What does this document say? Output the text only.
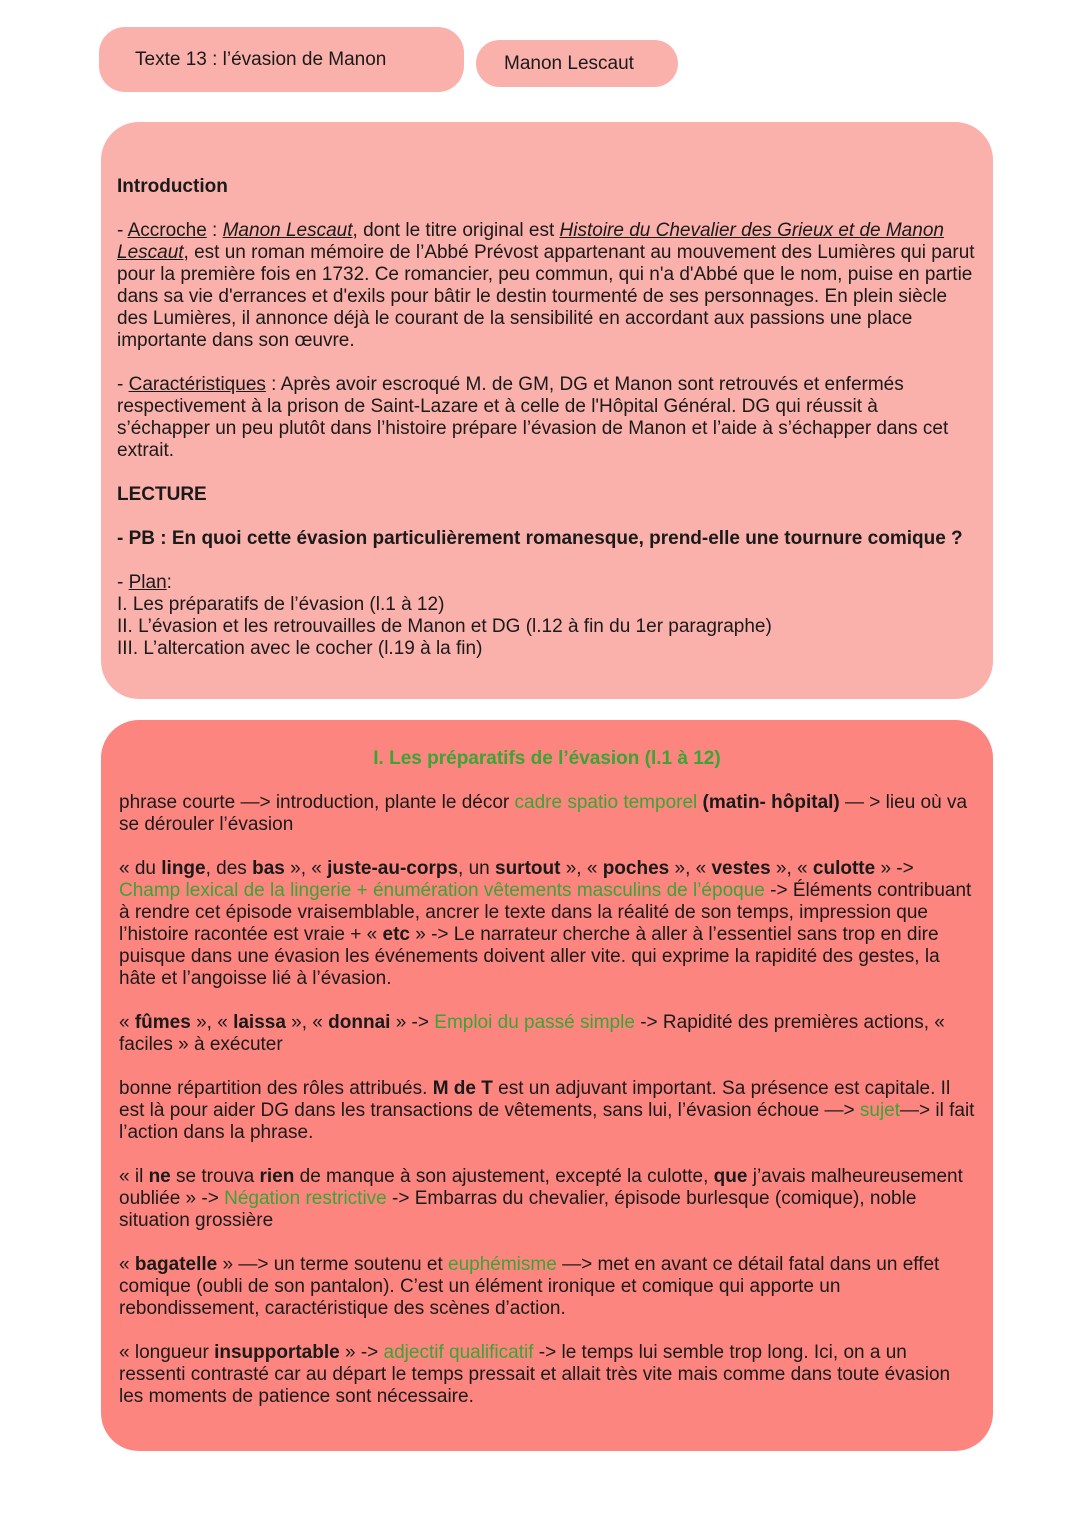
Texte 13 : l’évasion de Manon	Manon Lescaut

Introduction

- Accroche : Manon Lescaut, dont le titre original est Histoire du Chevalier des Grieux et de Manon Lescaut, est un roman mémoire de l’Abbé Prévost appartenant au mouvement des Lumières qui parut pour la première fois en 1732. Ce romancier, peu commun, qui n'a d'Abbé que le nom, puise en partie dans sa vie d'errances et d'exils pour bâtir le destin tourmenté de ses personnages. En plein siècle des Lumières, il annonce déjà le courant de la sensibilité en accordant aux passions une place importante dans son œuvre.

- Caractéristiques : Après avoir escroqué M. de GM, DG et Manon sont retrouvés et enfermés respectivement à la prison de Saint-Lazare et à celle de l'Hôpital Général. DG qui réussit à s’échapper un peu plutôt dans l’histoire prépare l’évasion de Manon et l’aide à s’échapper dans cet extrait.

LECTURE

- PB : En quoi cette évasion particulièrement romanesque, prend-elle une tournure comique ?

- Plan:

I. Les préparatifs de l’évasion (l.1 à 12)

II. L’évasion et les retrouvailles de Manon et DG (l.12 à fin du 1er paragraphe)

III. L’altercation avec le cocher (l.19 à la fin)

I. Les préparatifs de l’évasion (l.1 à 12)

phrase courte —> introduction, plante le décor cadre spatio temporel (matin- hôpital) — > lieu où va se dérouler l’évasion

« du linge, des bas », « juste-au-corps, un surtout », « poches », « vestes », « culotte » -> Champ lexical de la lingerie + énumération vêtements masculins de l’époque -> Éléments contribuant à rendre cet épisode vraisemblable, ancrer le texte dans la réalité de son temps, impression que l’histoire racontée est vraie + « etc » -> Le narrateur cherche à aller à l’essentiel sans trop en dire puisque dans une évasion les événements doivent aller vite. qui exprime la rapidité des gestes, la hâte et l’angoisse lié à l’évasion.

« fûmes », « laissa », « donnai » -> Emploi du passé simple -> Rapidité des premières actions, « faciles » à exécuter

bonne répartition des rôles attribués. M de T est un adjuvant important. Sa présence est capitale. Il est là pour aider DG dans les transactions de vêtements, sans lui, l’évasion échoue —> sujet—> il fait l’action dans la phrase.

« il ne se trouva rien de manque à son ajustement, excepté la culotte, que j’avais malheureusement oubliée » -> Négation restrictive -> Embarras du chevalier, épisode burlesque (comique), noble situation grossière

« bagatelle » —> un terme soutenu et euphémisme —> met en avant ce détail fatal dans un effet comique (oubli de son pantalon). C’est un élément ironique et comique qui apporte un rebondissement, caractéristique des scènes d’action.

« longueur insupportable » -> adjectif qualificatif -> le temps lui semble trop long. Ici, on a un ressenti contrasté car au départ le temps pressait et allait très vite mais comme dans toute évasion les moments de patience sont nécessaire.
